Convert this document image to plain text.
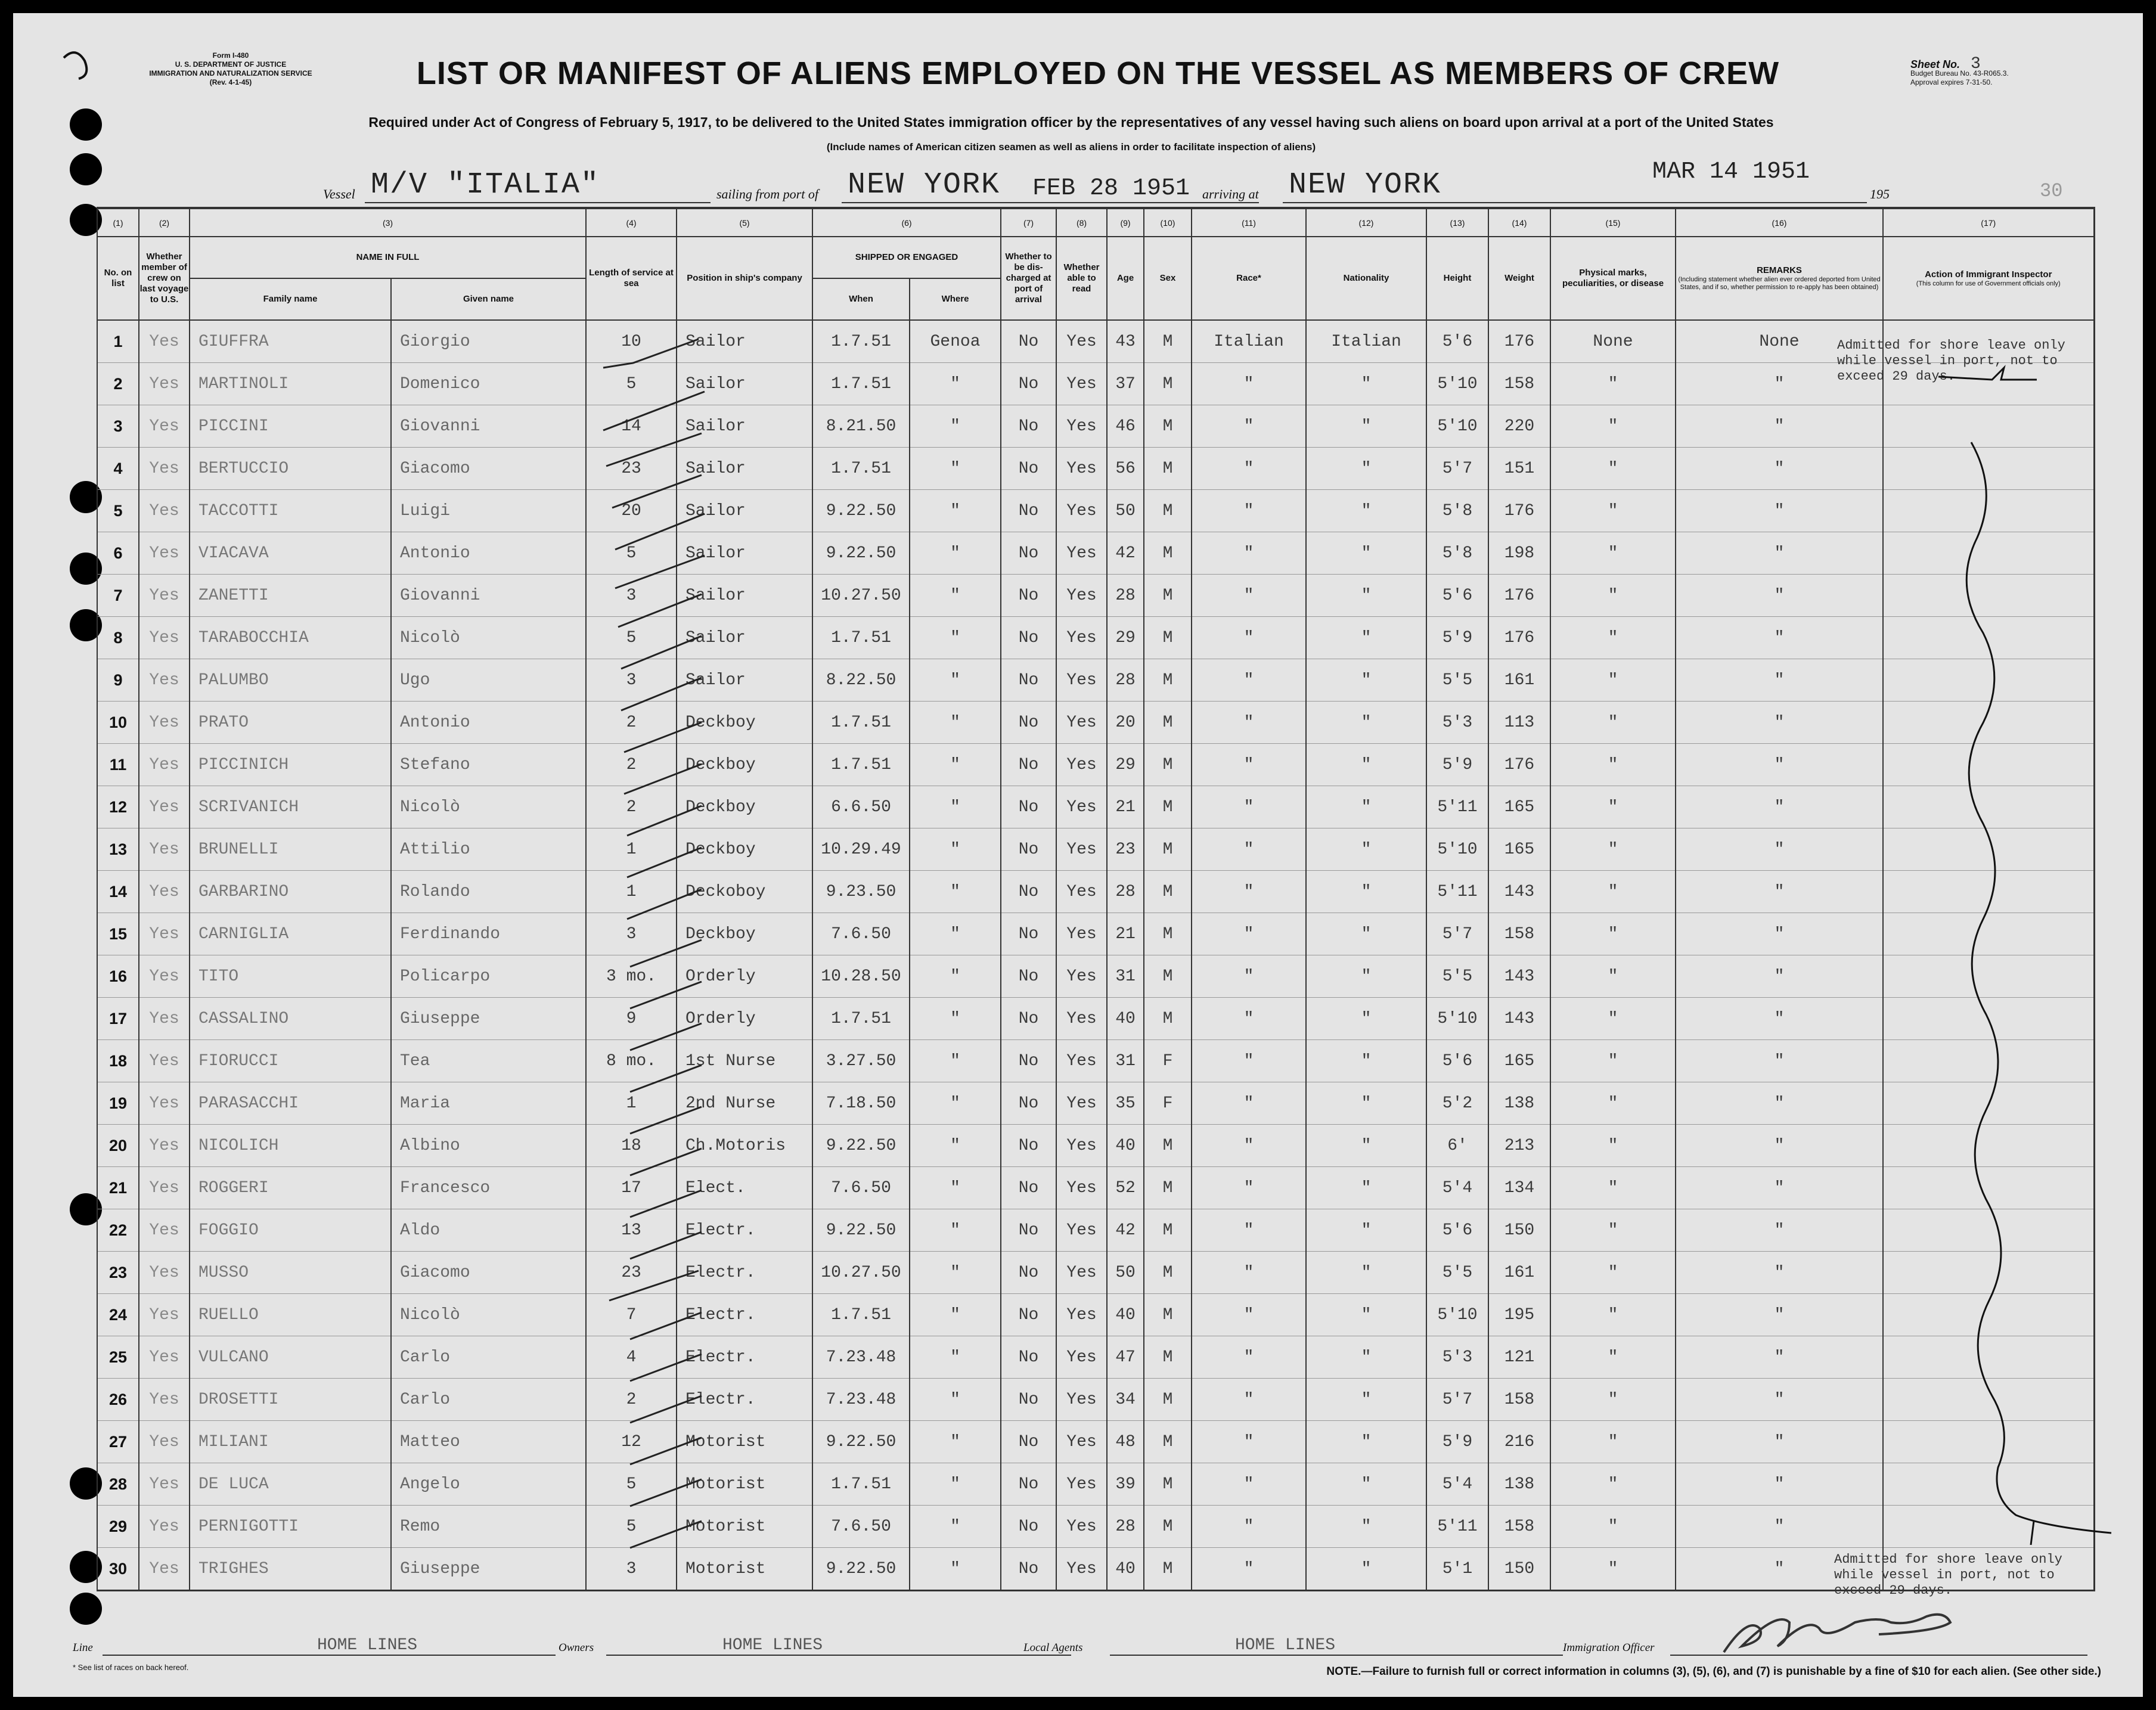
Form I-480
U. S. DEPARTMENT OF JUSTICE
IMMIGRATION AND NATURALIZATION SERVICE
(Rev. 4-1-45)	LIST OR MANIFEST OF ALIENS EMPLOYED ON THE VESSEL AS MEMBERS OF CREW	Sheet No. 3
Budget Bureau No. 43-R065.3.
Approval expires 7-31-50.
Required under Act of Congress of February 5, 1917, to be delivered to the United States immigration officer by the representatives of any vessel having such aliens on board upon arrival at a port of the United States
(Include names of American citizen seamen as well as aliens in order to facilitate inspection of aliens)
Vessel M/V "ITALIA"	sailing from port of NEW YORK FEB 28 1951 arriving at NEW YORK	MAR 14 1951
195	30
(1)	(2)	(3)		(4)	(5)	(6)		(7)	(8)	(9)	(10)	(11)	(12)	(13)	(14)	(15)	(16)	(17)
No. on list	Whether member of crew on last voyage to U.S.	NAME IN FULL		Length of service at sea	Position in ship's company	SHIPPED OR ENGAGED		Whether to be dis-charged at port of arrival	Whether able to read	Age	Sex	Race*	Nationality	Height	Weight	Physical marks, peculiarities, or disease	REMARKS
(Including statement whether alien ever ordered deported from United States, and if so, whether permission to re-apply has been obtained)	Action of Immigrant Inspector
(This column for use of Government officials only)

		Family name	Given name			When	Where											
1	Yes	GIUFFRA	Giorgio	10	Sailor	1.7.51	Genoa	No	Yes	43	M	Italian	Italian	5'6	176	None	None	
2	Yes	MARTINOLI	Domenico	5	Sailor	1.7.51	"	No	Yes	37	M	"	"	5'10	158	"	"	
3	Yes	PICCINI	Giovanni	14	Sailor	8.21.50	"	No	Yes	46	M	"	"	5'10	220	"	"	
4	Yes	BERTUCCIO	Giacomo	23	Sailor	1.7.51	"	No	Yes	56	M	"	"	5'7	151	"	"	
5	Yes	TACCOTTI	Luigi	20	Sailor	9.22.50	"	No	Yes	50	M	"	"	5'8	176	"	"	
6	Yes	VIACAVA	Antonio	5	Sailor	9.22.50	"	No	Yes	42	M	"	"	5'8	198	"	"	
7	Yes	ZANETTI	Giovanni	3	Sailor	10.27.50	"	No	Yes	28	M	"	"	5'6	176	"	"	
8	Yes	TARABOCCHIA	Nicolò	5	Sailor	1.7.51	"	No	Yes	29	M	"	"	5'9	176	"	"	
9	Yes	PALUMBO	Ugo	3	Sailor	8.22.50	"	No	Yes	28	M	"	"	5'5	161	"	"	
10	Yes	PRATO	Antonio	2	Deckboy	1.7.51	"	No	Yes	20	M	"	"	5'3	113	"	"	
11	Yes	PICCINICH	Stefano	2	Deckboy	1.7.51	"	No	Yes	29	M	"	"	5'9	176	"	"	
12	Yes	SCRIVANICH	Nicolò	2	Deckboy	6.6.50	"	No	Yes	21	M	"	"	5'11	165	"	"	
13	Yes	BRUNELLI	Attilio	1	Deckboy	10.29.49	"	No	Yes	23	M	"	"	5'10	165	"	"	
14	Yes	GARBARINO	Rolando	1	Deckoboy	9.23.50	"	No	Yes	28	M	"	"	5'11	143	"	"	
15	Yes	CARNIGLIA	Ferdinando	3	Deckboy	7.6.50	"	No	Yes	21	M	"	"	5'7	158	"	"	
16	Yes	TITO	Policarpo	3 mo.	Orderly	10.28.50	"	No	Yes	31	M	"	"	5'5	143	"	"	
17	Yes	CASSALINO	Giuseppe	9	Orderly	1.7.51	"	No	Yes	40	M	"	"	5'10	143	"	"	
18	Yes	FIORUCCI	Tea	8 mo.	1st Nurse	3.27.50	"	No	Yes	31	F	"	"	5'6	165	"	"	
19	Yes	PARASACCHI	Maria	1	2nd Nurse	7.18.50	"	No	Yes	35	F	"	"	5'2	138	"	"	
20	Yes	NICOLICH	Albino	18	Ch.Motoris	9.22.50	"	No	Yes	40	M	"	"	6'	213	"	"	
21	Yes	ROGGERI	Francesco	17	Elect.	7.6.50	"	No	Yes	52	M	"	"	5'4	134	"	"	
22	Yes	FOGGIO	Aldo	13	Electr.	9.22.50	"	No	Yes	42	M	"	"	5'6	150	"	"	
23	Yes	MUSSO	Giacomo	23	Electr.	10.27.50	"	No	Yes	50	M	"	"	5'5	161	"	"	
24	Yes	RUELLO	Nicolò	7	Electr.	1.7.51	"	No	Yes	40	M	"	"	5'10	195	"	"	
25	Yes	VULCANO	Carlo	4	Electr.	7.23.48	"	No	Yes	47	M	"	"	5'3	121	"	"	
26	Yes	DROSETTI	Carlo	2	Electr.	7.23.48	"	No	Yes	34	M	"	"	5'7	158	"	"	
27	Yes	MILIANI	Matteo	12	Motorist	9.22.50	"	No	Yes	48	M	"	"	5'9	216	"	"	
28	Yes	DE LUCA	Angelo	5	Motorist	1.7.51	"	No	Yes	39	M	"	"	5'4	138	"	"	
29	Yes	PERNIGOTTI	Remo	5	Motorist	7.6.50	"	No	Yes	28	M	"	"	5'11	158	"	"	
30	Yes	TRIGHES	Giuseppe	3	Motorist	9.22.50	"	No	Yes	40	M	"	"	5'1	150	"	"	
Admitted for shore leave only
while vessel in port, not to
exceed 29 days.
Admitted for shore leave only
while vessel in port, not to
exceed 29 days.
Line	HOME LINES	Owners	HOME LINES	Local Agents	HOME LINES	Immigration Officer
* See list of races on back hereof.	NOTE.—Failure to furnish full or correct information in columns (3), (5), (6), and (7) is punishable by a fine of $10 for each alien. (See other side.)
